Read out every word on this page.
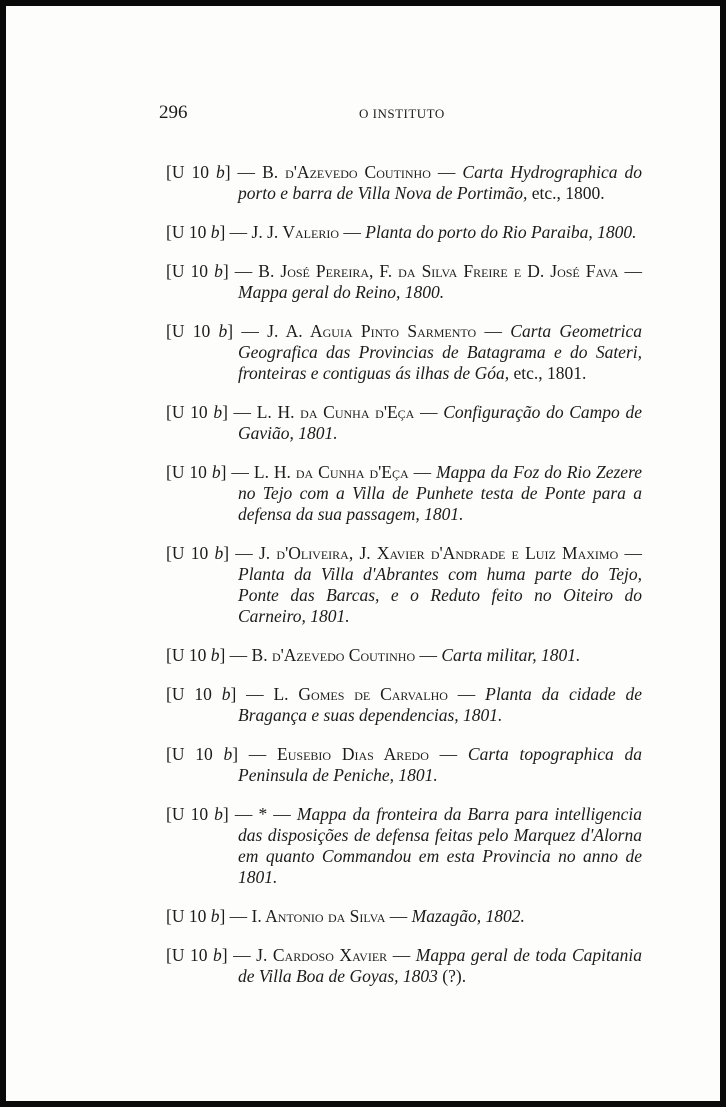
296	O INSTITUTO

[U 10 b] — B. d'Azevedo Coutinho — Carta Hydrographica do porto e barra de Villa Nova de Portimão, etc., 1800.

[U 10 b] — J. J. Valerio — Planta do porto do Rio Paraiba, 1800.

[U 10 b] — B. José Pereira, F. da Silva Freire e D. José Fava — Mappa geral do Reino, 1800.

[U 10 b] — J. A. Aguia Pinto Sarmento — Carta Geometrica Geografica das Provincias de Batagrama e do Sateri, fronteiras e contiguas ás ilhas de Góa, etc., 1801.

[U 10 b] — L. H. da Cunha d'Eça — Configuração do Campo de Gavião, 1801.

[U 10 b] — L. H. da Cunha d'Eça — Mappa da Foz do Rio Zezere no Tejo com a Villa de Punhete testa de Ponte para a defensa da sua passagem, 1801.

[U 10 b] — J. d'Oliveira, J. Xavier d'Andrade e Luiz Maximo — Planta da Villa d'Abrantes com huma parte do Tejo, Ponte das Barcas, e o Reduto feito no Oiteiro do Carneiro, 1801.

[U 10 b] — B. d'Azevedo Coutinho — Carta militar, 1801.

[U 10 b] — L. Gomes de Carvalho — Planta da cidade de Bragança e suas dependencias, 1801.

[U 10 b] — Eusebio Dias Aredo — Carta topographica da Peninsula de Peniche, 1801.

[U 10 b] — * — Mappa da fronteira da Barra para intelligencia das disposições de defensa feitas pelo Marquez d'Alorna em quanto Commandou em esta Provincia no anno de 1801.

[U 10 b] — I. Antonio da Silva — Mazagão, 1802.

[U 10 b] — J. Cardoso Xavier — Mappa geral de toda Capitania de Villa Boa de Goyas, 1803 (?).
